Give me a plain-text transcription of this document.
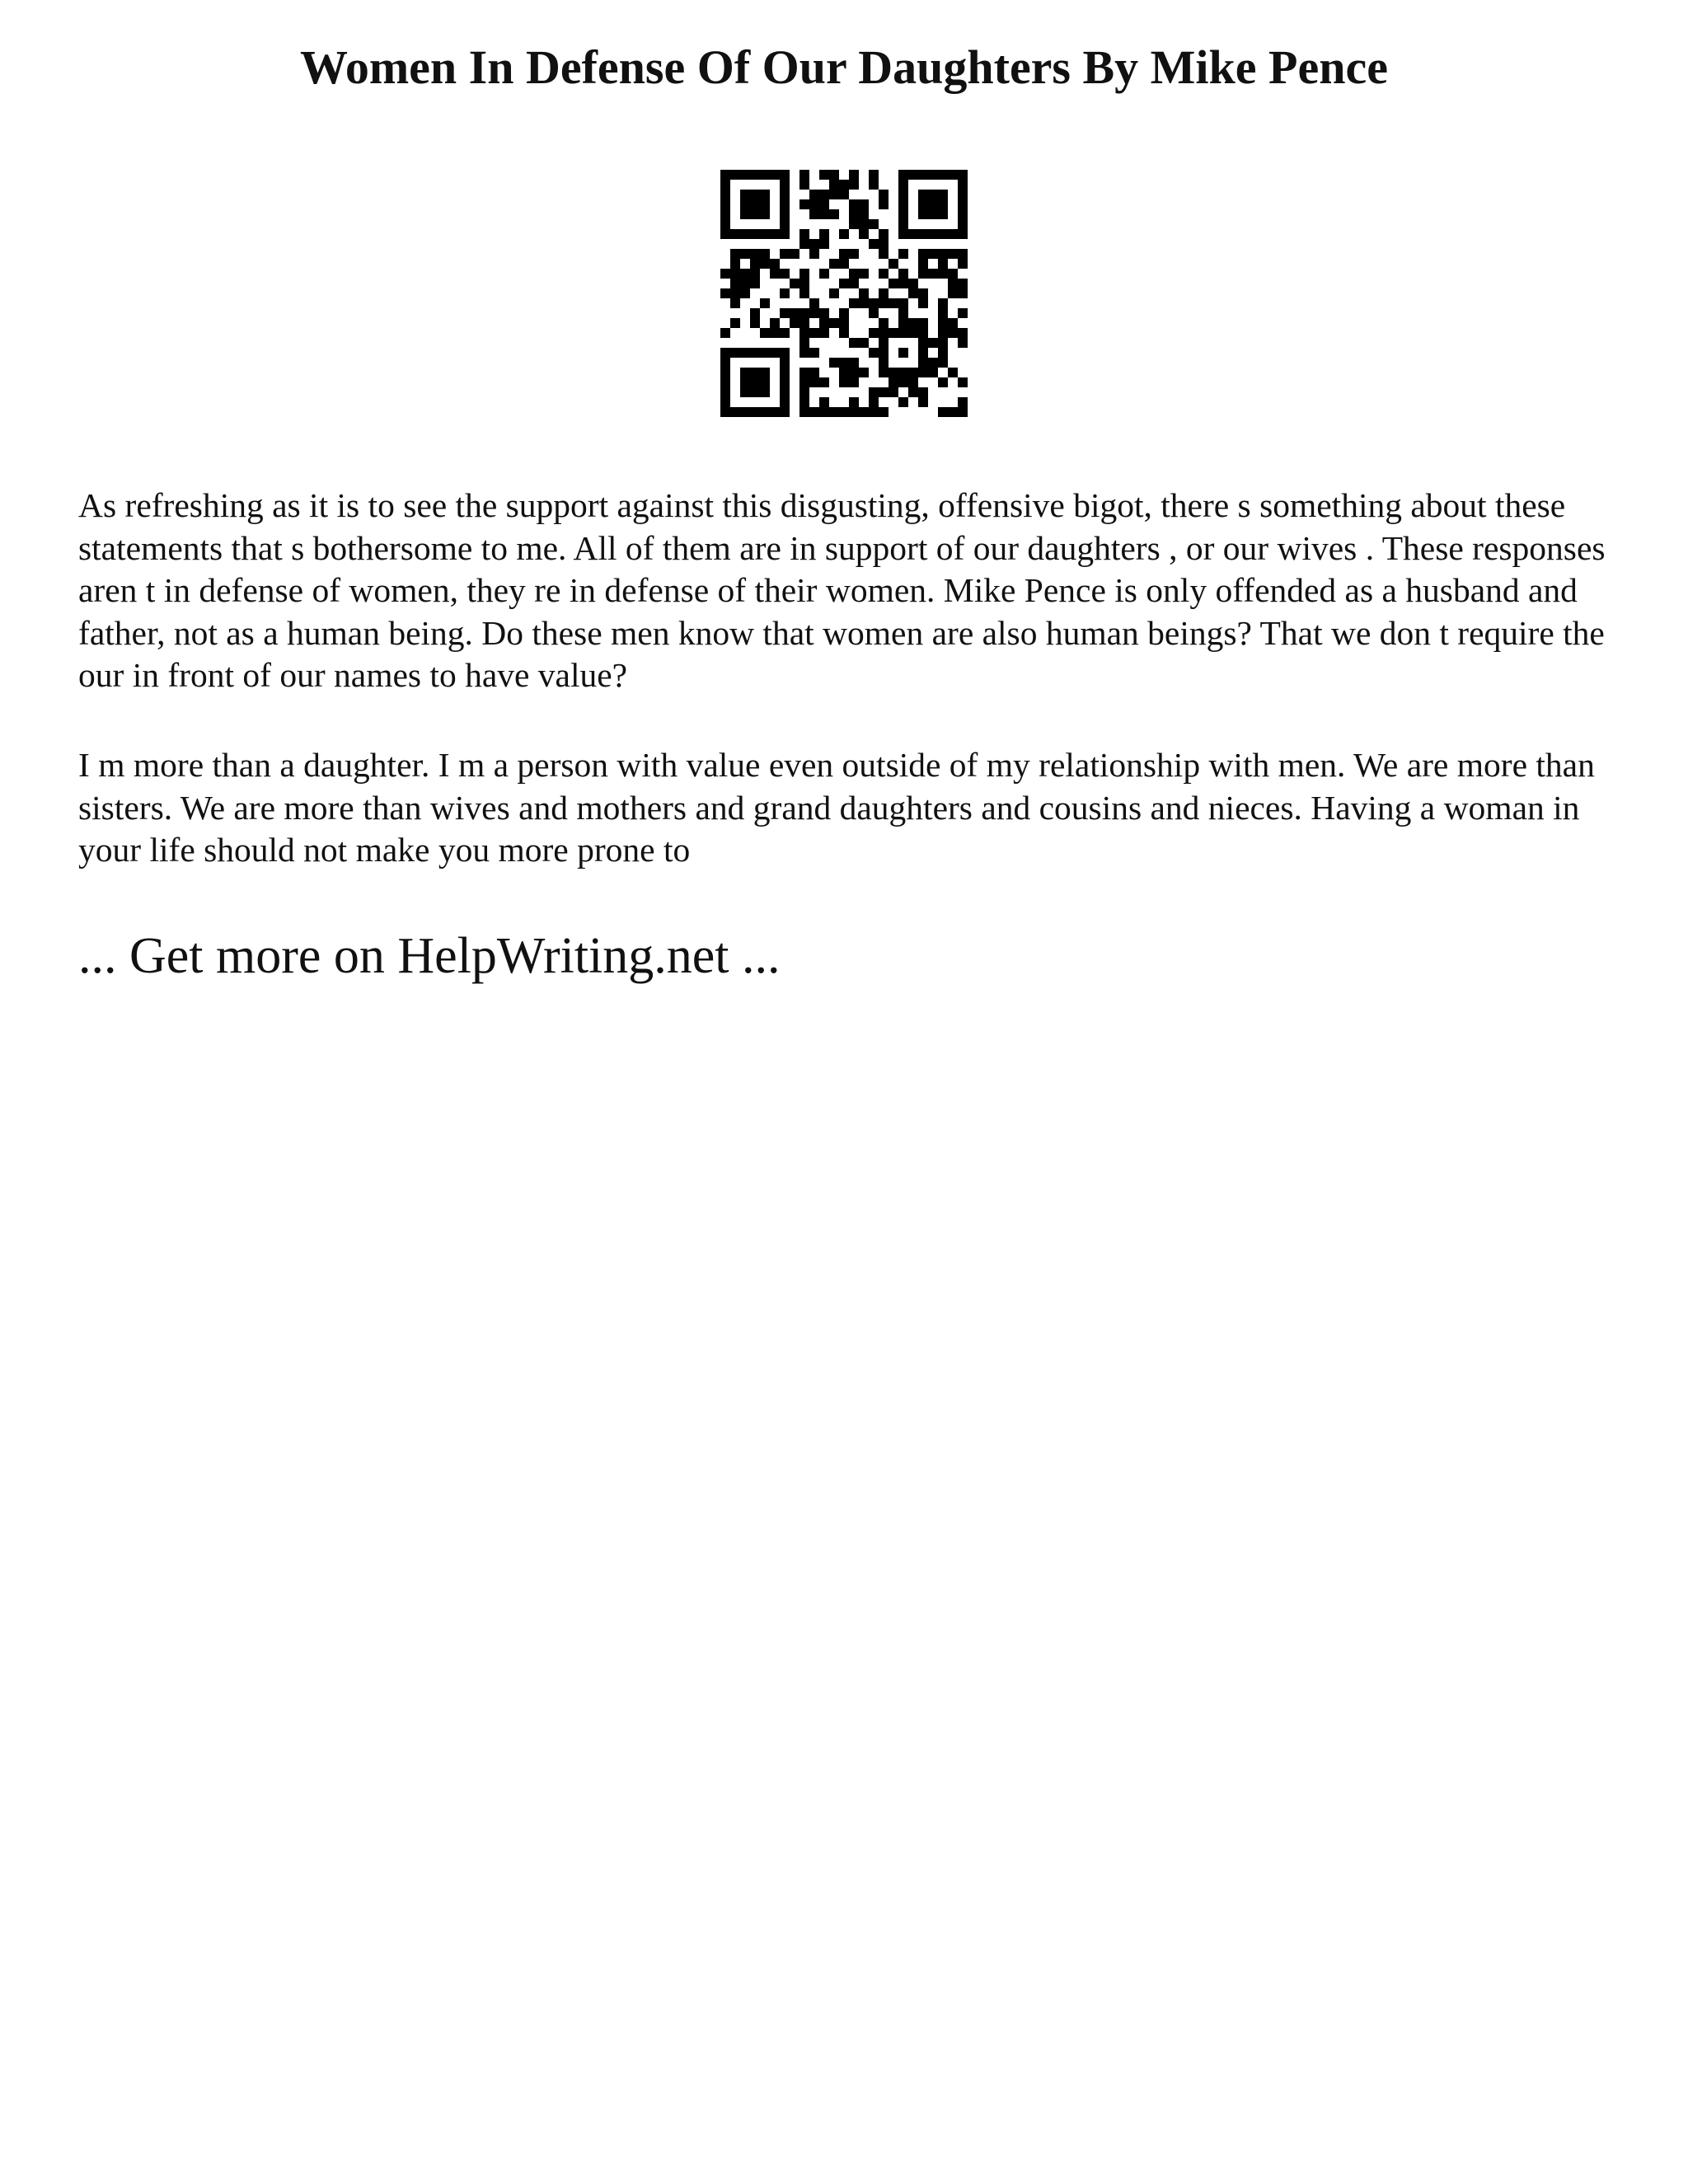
Women In Defense Of Our Daughters By Mike Pence

As refreshing as it is to see the support against this disgusting, offensive bigot, there s something about these statements that s bothersome to me. All of them are in support of our daughters , or our wives . These responses aren t in defense of women, they re in defense of their women. Mike Pence is only offended as a husband and father, not as a human being. Do these men know that women are also human beings? That we don t require the our in front of our names to have value?

I m more than a daughter. I m a person with value even outside of my relationship with men. We are more than sisters. We are more than wives and mothers and grand daughters and cousins and nieces. Having a woman in your life should not make you more prone to

... Get more on HelpWriting.net ...
